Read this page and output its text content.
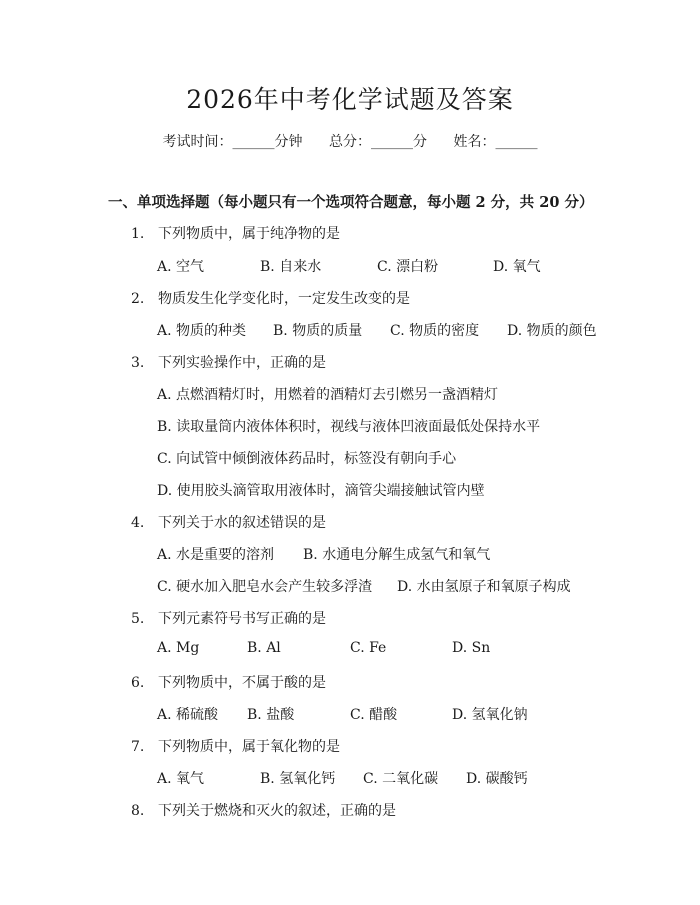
2026年中考化学试题及答案
考试时间：______分钟 总分：______分 姓名：______
一、单项选择题（每小题只有一个选项符合题意，每小题 2 分，共 20 分）
1. 下列物质中，属于纯净物的是
A. 空气	B. 自来水	C. 漂白粉	D. 氧气
2. 物质发生化学变化时，一定发生改变的是
A. 物质的种类 B. 物质的质量 C. 物质的密度 D. 物质的颜色
3. 下列实验操作中，正确的是
A. 点燃酒精灯时，用燃着的酒精灯去引燃另一盏酒精灯
B. 读取量筒内液体体积时，视线与液体凹液面最低处保持水平
C. 向试管中倾倒液体药品时，标签没有朝向手心
D. 使用胶头滴管取用液体时，滴管尖端接触试管内壁
4. 下列关于水的叙述错误的是
A. 水是重要的溶剂 B. 水通电分解生成氢气和氧气
C. 硬水加入肥皂水会产生较多浮渣 D. 水由氢原子和氧原子构成
5. 下列元素符号书写正确的是
A. Mg	B. Al	C. Fe	D. Sn
6. 下列物质中，不属于酸的是
A. 稀硫酸 B. 盐酸	C. 醋酸	D. 氢氧化钠
7. 下列物质中，属于氧化物的是
A. 氧气	B. 氢氧化钙 C. 二氧化碳 D. 碳酸钙
8. 下列关于燃烧和灭火的叙述，正确的是
